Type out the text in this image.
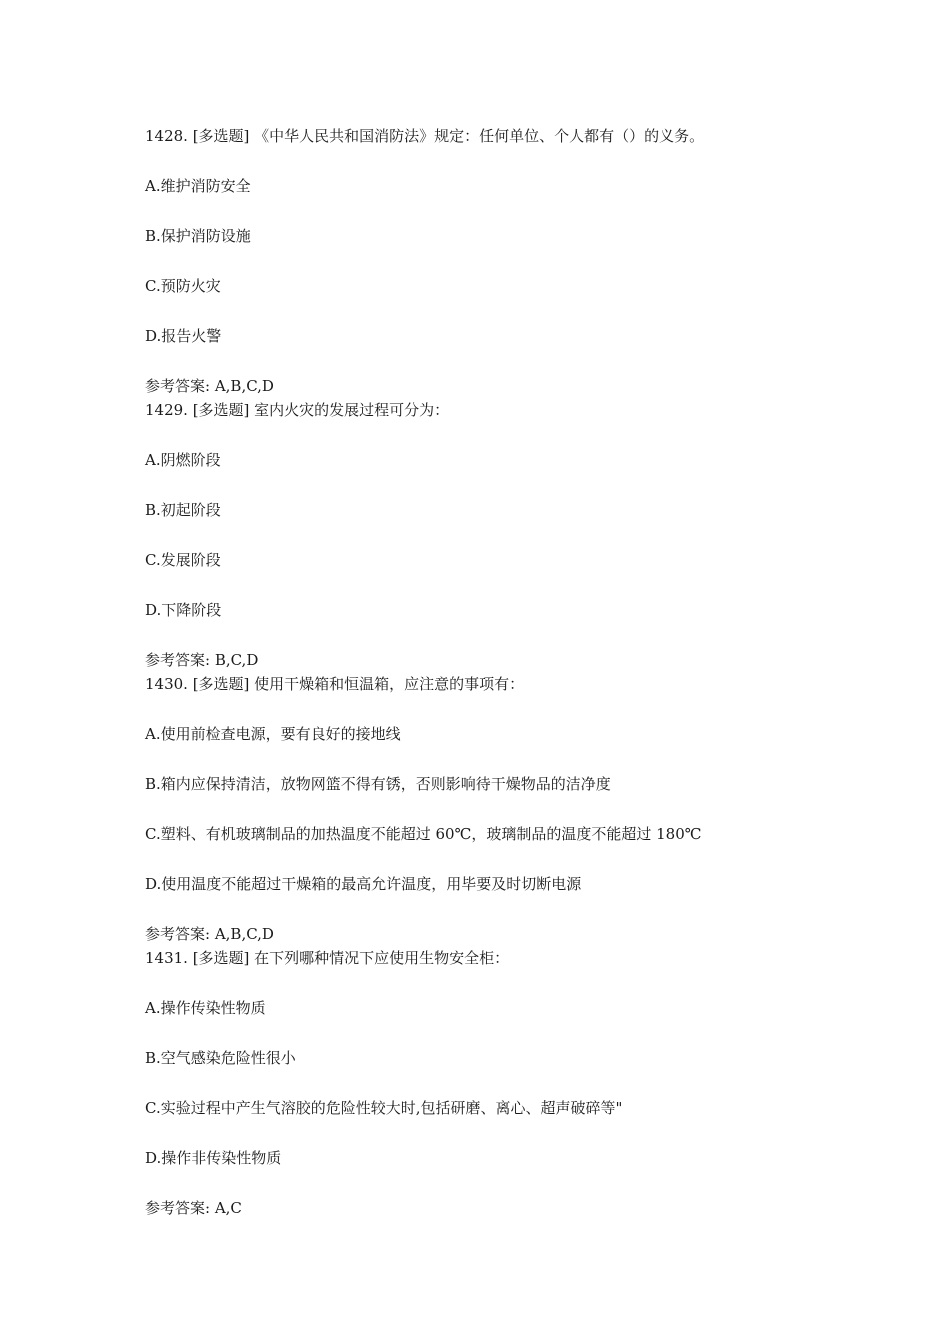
1428. [多选题] 《中华人民共和国消防法》规定：任何单位、个人都有（）的义务。
A.维护消防安全
B.保护消防设施
C.预防火灾
D.报告火警
参考答案: A,B,C,D
1429. [多选题] 室内火灾的发展过程可分为：
A.阴燃阶段
B.初起阶段
C.发展阶段
D.下降阶段
参考答案: B,C,D
1430. [多选题] 使用干燥箱和恒温箱，应注意的事项有：
A.使用前检查电源，要有良好的接地线
B.箱内应保持清洁，放物网篮不得有锈，否则影响待干燥物品的洁净度
C.塑料、有机玻璃制品的加热温度不能超过 60℃，玻璃制品的温度不能超过 180℃
D.使用温度不能超过干燥箱的最高允许温度，用毕要及时切断电源
参考答案: A,B,C,D
1431. [多选题] 在下列哪种情况下应使用生物安全柜：
A.操作传染性物质
B.空气感染危险性很小
C.实验过程中产生气溶胶的危险性较大时,包括研磨、离心、超声破碎等"
D.操作非传染性物质
参考答案: A,C
